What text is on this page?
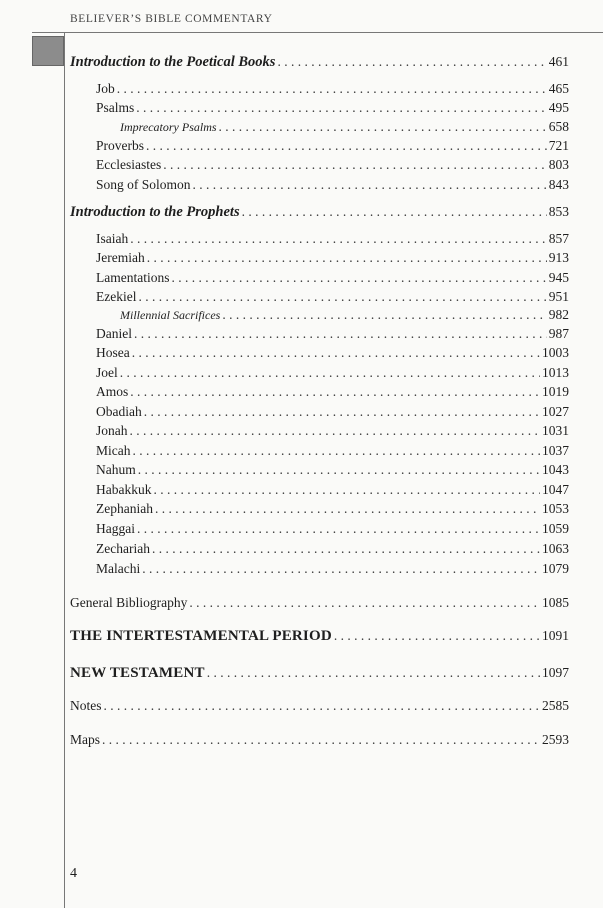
BELIEVER’S BIBLE COMMENTARY
Introduction to the Poetical Books . . .	461
Job . . .	465
Psalms . . .	495
Imprecatory Psalms . . .	658
Proverbs . . .	721
Ecclesiastes . . .	803
Song of Solomon . . .	843
Introduction to the Prophets . . .	853
Isaiah . . .	857
Jeremiah . . .	913
Lamentations . . .	945
Ezekiel . . .	951
Millennial Sacrifices . . .	982
Daniel . . .	987
Hosea . . .	1003
Joel . . .	1013
Amos . . .	1019
Obadiah . . .	1027
Jonah . . .	1031
Micah . . .	1037
Nahum . . .	1043
Habakkuk . . .	1047
Zephaniah . . .	1053
Haggai . . .	1059
Zechariah . . .	1063
Malachi . . .	1079
General Bibliography . . .	1085
THE INTERTESTAMENTAL PERIOD . . .	1091
NEW TESTAMENT . . .	1097
Notes . . .	2585
Maps . . .	2593
4
